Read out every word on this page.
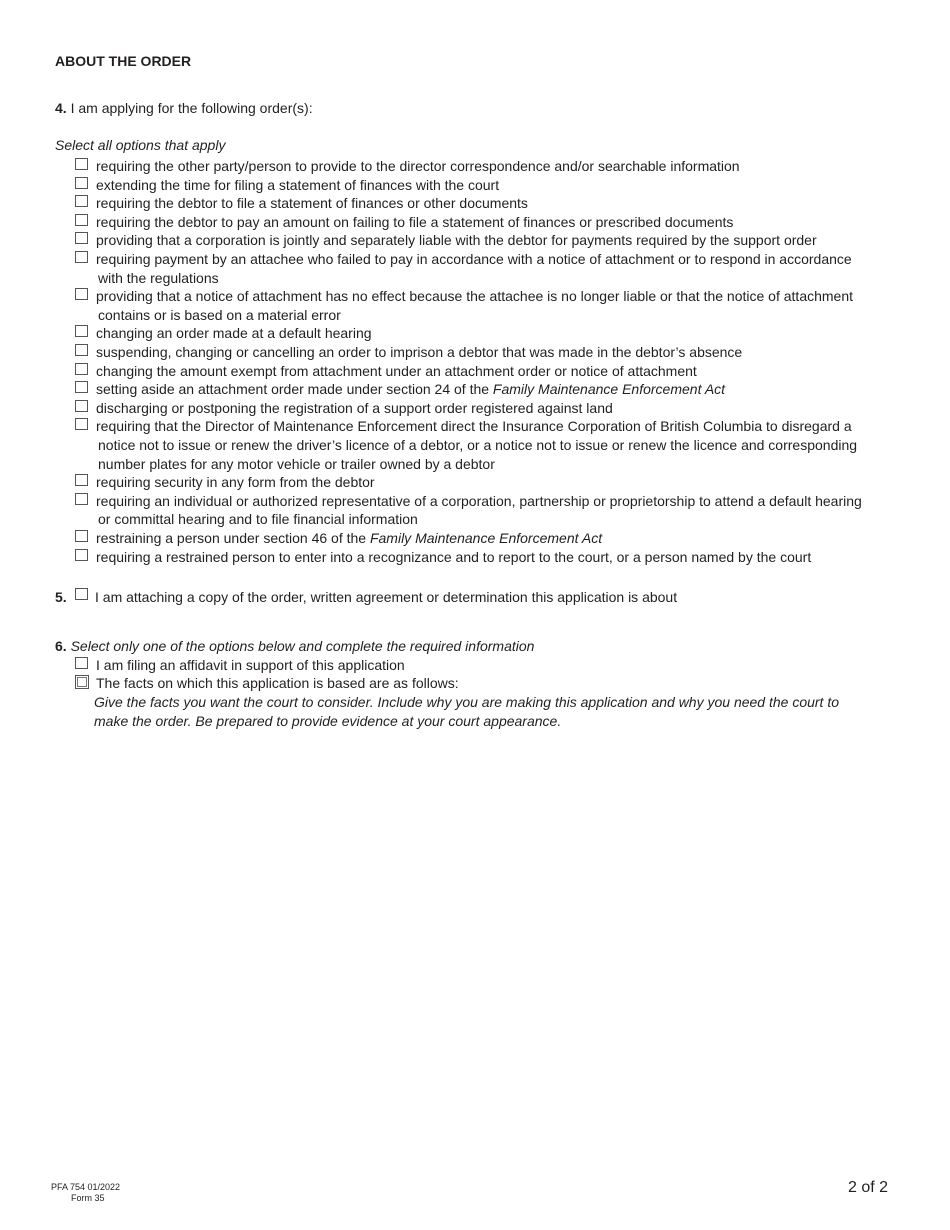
ABOUT THE ORDER
4. I am applying for the following order(s):
Select all options that apply
requiring the other party/person to provide to the director correspondence and/or searchable information
extending the time for filing a statement of finances with the court
requiring the debtor to file a statement of finances or other documents
requiring the debtor to pay an amount on failing to file a statement of finances or prescribed documents
providing that a corporation is jointly and separately liable with the debtor for payments required by the support order
requiring payment by an attachee who failed to pay in accordance with a notice of attachment or to respond in accordance
with the regulations
providing that a notice of attachment has no effect because the attachee is no longer liable or that the notice of attachment
contains or is based on a material error
changing an order made at a default hearing
suspending, changing or cancelling an order to imprison a debtor that was made in the debtor’s absence
changing the amount exempt from attachment under an attachment order or notice of attachment
setting aside an attachment order made under section 24 of the Family Maintenance Enforcement Act
discharging or postponing the registration of a support order registered against land
requiring that the Director of Maintenance Enforcement direct the Insurance Corporation of British Columbia to disregard a
notice not to issue or renew the driver’s licence of a debtor, or a notice not to issue or renew the licence and corresponding
number plates for any motor vehicle or trailer owned by a debtor
requiring security in any form from the debtor
requiring an individual or authorized representative of a corporation, partnership or proprietorship to attend a default hearing
or committal hearing and to file financial information
restraining a person under section 46 of the Family Maintenance Enforcement Act
requiring a restrained person to enter into a recognizance and to report to the court, or a person named by the court
5. I am attaching a copy of the order, written agreement or determination this application is about
6. Select only one of the options below and complete the required information
I am filing an affidavit in support of this application
The facts on which this application is based are as follows:
Give the facts you want the court to consider. Include why you are making this application and why you need the court to
make the order. Be prepared to provide evidence at your court appearance.
PFA 754 01/2022
Form 35
2 of 2
